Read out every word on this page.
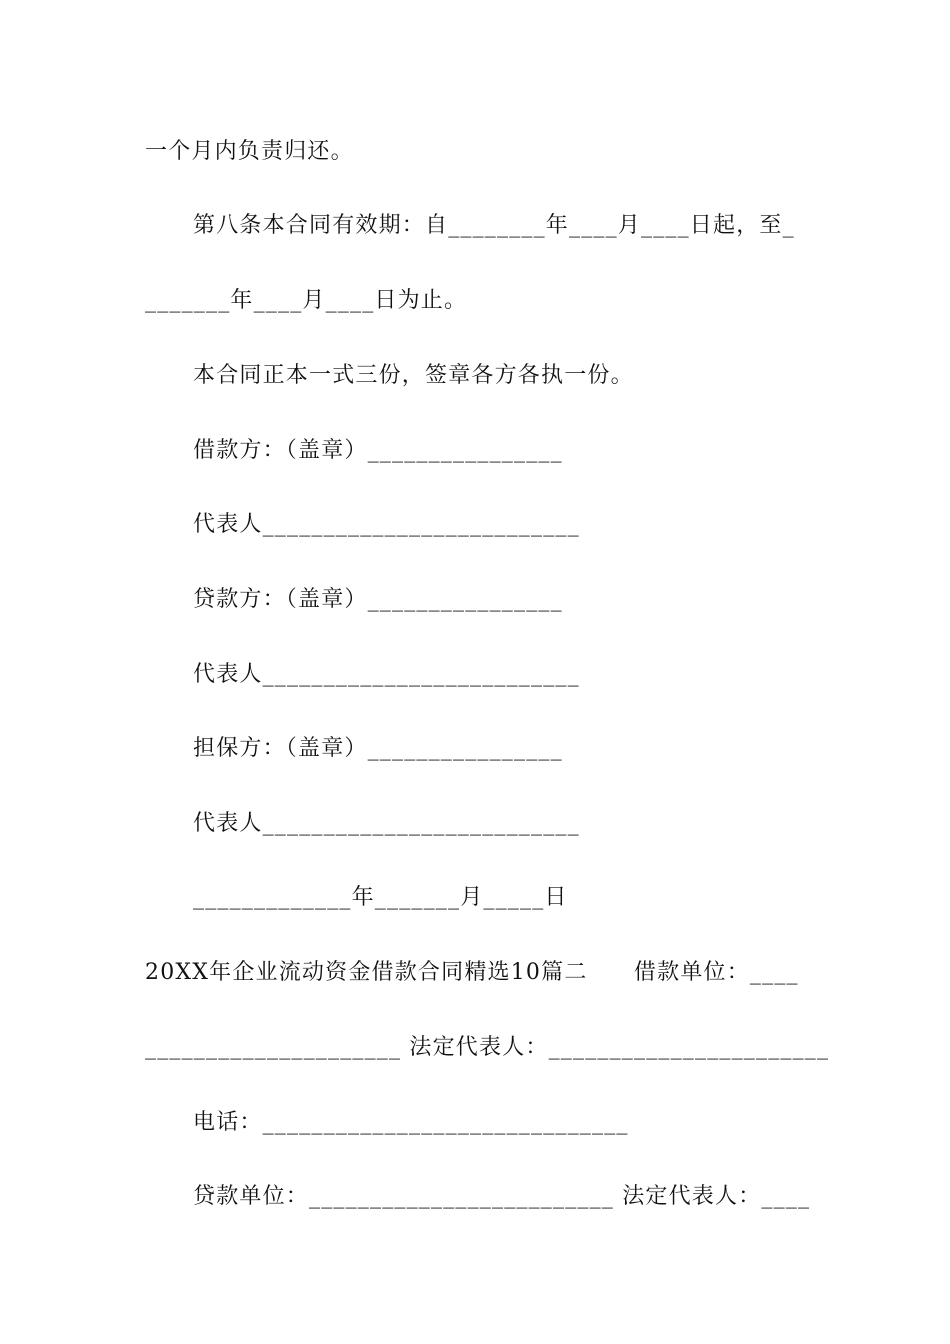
一个月内负责归还。
第八条本合同有效期：自________年____月____日起，至_
_______年____月____日为止。
本合同正本一式三份，签章各方各执一份。
借款方：（盖章）________________
代表人__________________________
贷款方：（盖章）________________
代表人__________________________
担保方：（盖章）________________
代表人__________________________
_____________年_______月_____日
20XX年企业流动资金借款合同精选10篇二　　借款单位：____
_____________________ 法定代表人：_______________________
电话：______________________________
贷款单位：_________________________ 法定代表人：____
